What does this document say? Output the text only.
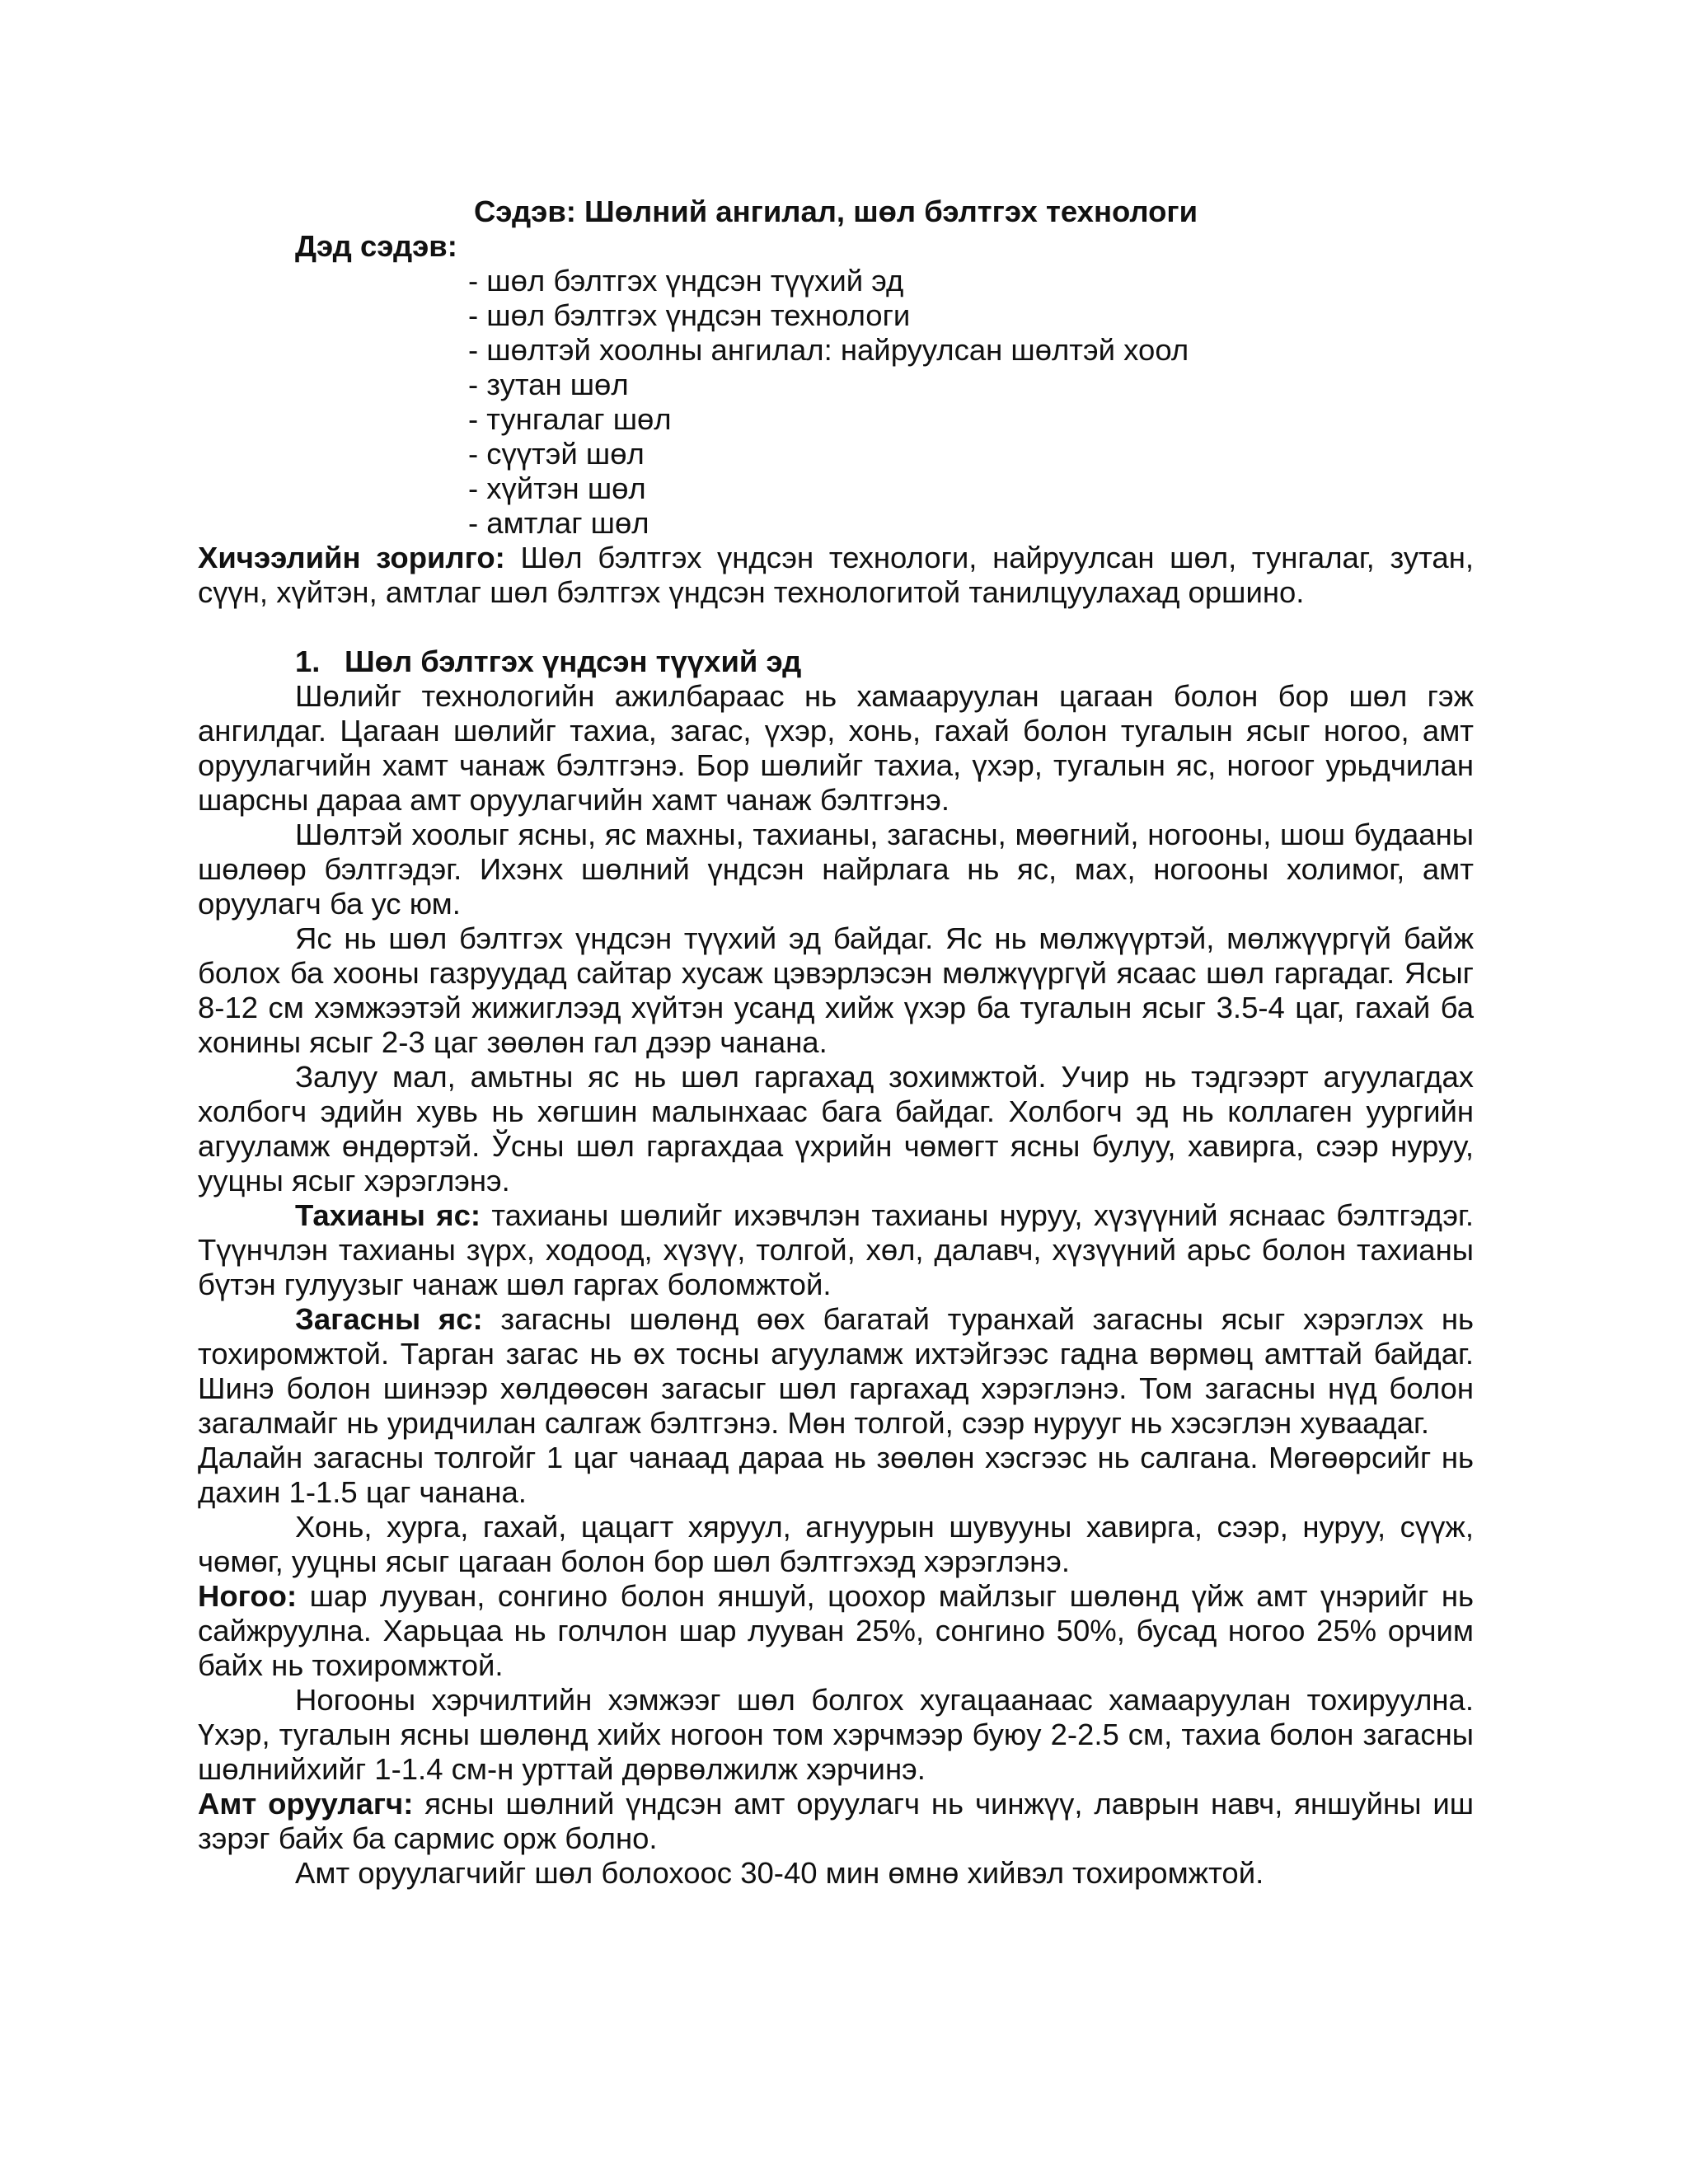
Сэдэв: Шөлний ангилал, шөл бэлтгэх технологи

Дэд сэдэв:

- шөл бэлтгэх үндсэн түүхий эд
- шөл бэлтгэх үндсэн технологи
- шөлтэй хоолны ангилал: найруулсан шөлтэй хоол
- зутан шөл
- тунгалаг шөл
- сүүтэй шөл
- хүйтэн шөл
- амтлаг шөл

Хичээлийн зорилго: Шөл бэлтгэх үндсэн технологи, найруулсан шөл, тунгалаг, зутан, сүүн, хүйтэн, амтлаг шөл бэлтгэх үндсэн технологитой танилцуулахад оршино.

1. Шөл бэлтгэх үндсэн түүхий эд

Шөлийг технологийн ажилбараас нь хамааруулан цагаан болон бор шөл гэж ангилдаг. Цагаан шөлийг тахиа, загас, үхэр, хонь, гахай болон тугалын ясыг ногоо, амт оруулагчийн хамт чанаж бэлтгэнэ. Бор шөлийг тахиа, үхэр, тугалын яс, ногоог урьдчилан шарсны дараа амт оруулагчийн хамт чанаж бэлтгэнэ.

Шөлтэй хоолыг ясны, яс махны, тахианы, загасны, мөөгний, ногооны, шош будааны шөлөөр бэлтгэдэг. Ихэнх шөлний үндсэн найрлага нь яс, мах, ногооны холимог, амт оруулагч ба ус юм.

Яс нь шөл бэлтгэх үндсэн түүхий эд байдаг. Яс нь мөлжүүртэй, мөлжүүргүй байж болох ба хооны газруудад сайтар хусаж цэвэрлэсэн мөлжүүргүй ясаас шөл гаргадаг. Ясыг 8-12 см хэмжээтэй жижиглээд хүйтэн усанд хийж үхэр ба тугалын ясыг 3.5-4 цаг, гахай ба хонины ясыг 2-3 цаг зөөлөн гал дээр чанана.

Залуу мал, амьтны яс нь шөл гаргахад зохимжтой. Учир нь тэдгээрт агуулагдах холбогч эдийн хувь нь хөгшин малынхаас бага байдаг. Холбогч эд нь коллаген уургийн агууламж өндөртэй. Ўсны шөл гаргахдаа үхрийн чөмөгт ясны булуу, хавирга, сээр нуруу, ууцны ясыг хэрэглэнэ.

Тахианы яс: тахианы шөлийг ихэвчлэн тахианы нуруу, хүзүүний яснаас бэлтгэдэг. Түүнчлэн тахианы зүрх, ходоод, хүзүү, толгой, хөл, далавч, хүзүүний арьс болон тахианы бүтэн гулуузыг чанаж шөл гаргах боломжтой.

Загасны яс: загасны шөлөнд өөх багатай туранхай загасны ясыг хэрэглэх нь тохиромжтой. Тарган загас нь өх тосны агууламж ихтэйгээс гадна вөрмөц амттай байдаг. Шинэ болон шинээр хөлдөөсөн загасыг шөл гаргахад хэрэглэнэ. Том загасны нүд болон загалмайг нь уридчилан салгаж бэлтгэнэ. Мөн толгой, сээр нурууг нь хэсэглэн хуваадаг.

Далайн загасны толгойг 1 цаг чанаад дараа нь зөөлөн хэсгээс нь салгана. Мөгөөрсийг нь дахин 1-1.5 цаг чанана.

Хонь, хурга, гахай, цацагт хяруул, агнуурын шувууны хавирга, сээр, нуруу, сүүж, чөмөг, ууцны ясыг цагаан болон бор шөл бэлтгэхэд хэрэглэнэ.

Ногоо: шар лууван, сонгино болон яншуй, цоохор майлзыг шөлөнд үйж амт үнэрийг нь сайжруулна. Харьцаа нь голчлон шар лууван 25%, сонгино 50%, бусад ногоо 25% орчим байх нь тохиромжтой.

Ногооны хэрчилтийн хэмжээг шөл болгох хугацаанаас хамааруулан тохируулна. Үхэр, тугалын ясны шөлөнд хийх ногоон том хэрчмээр буюу 2-2.5 см, тахиа болон загасны шөлнийхийг 1-1.4 см-н урттай дөрвөлжилж хэрчинэ.

Амт оруулагч: ясны шөлний үндсэн амт оруулагч нь чинжүү, лаврын навч, яншуйны иш зэрэг байх ба сармис орж болно.

Амт оруулагчийг шөл болохоос 30-40 мин өмнө хийвэл тохиромжтой.
